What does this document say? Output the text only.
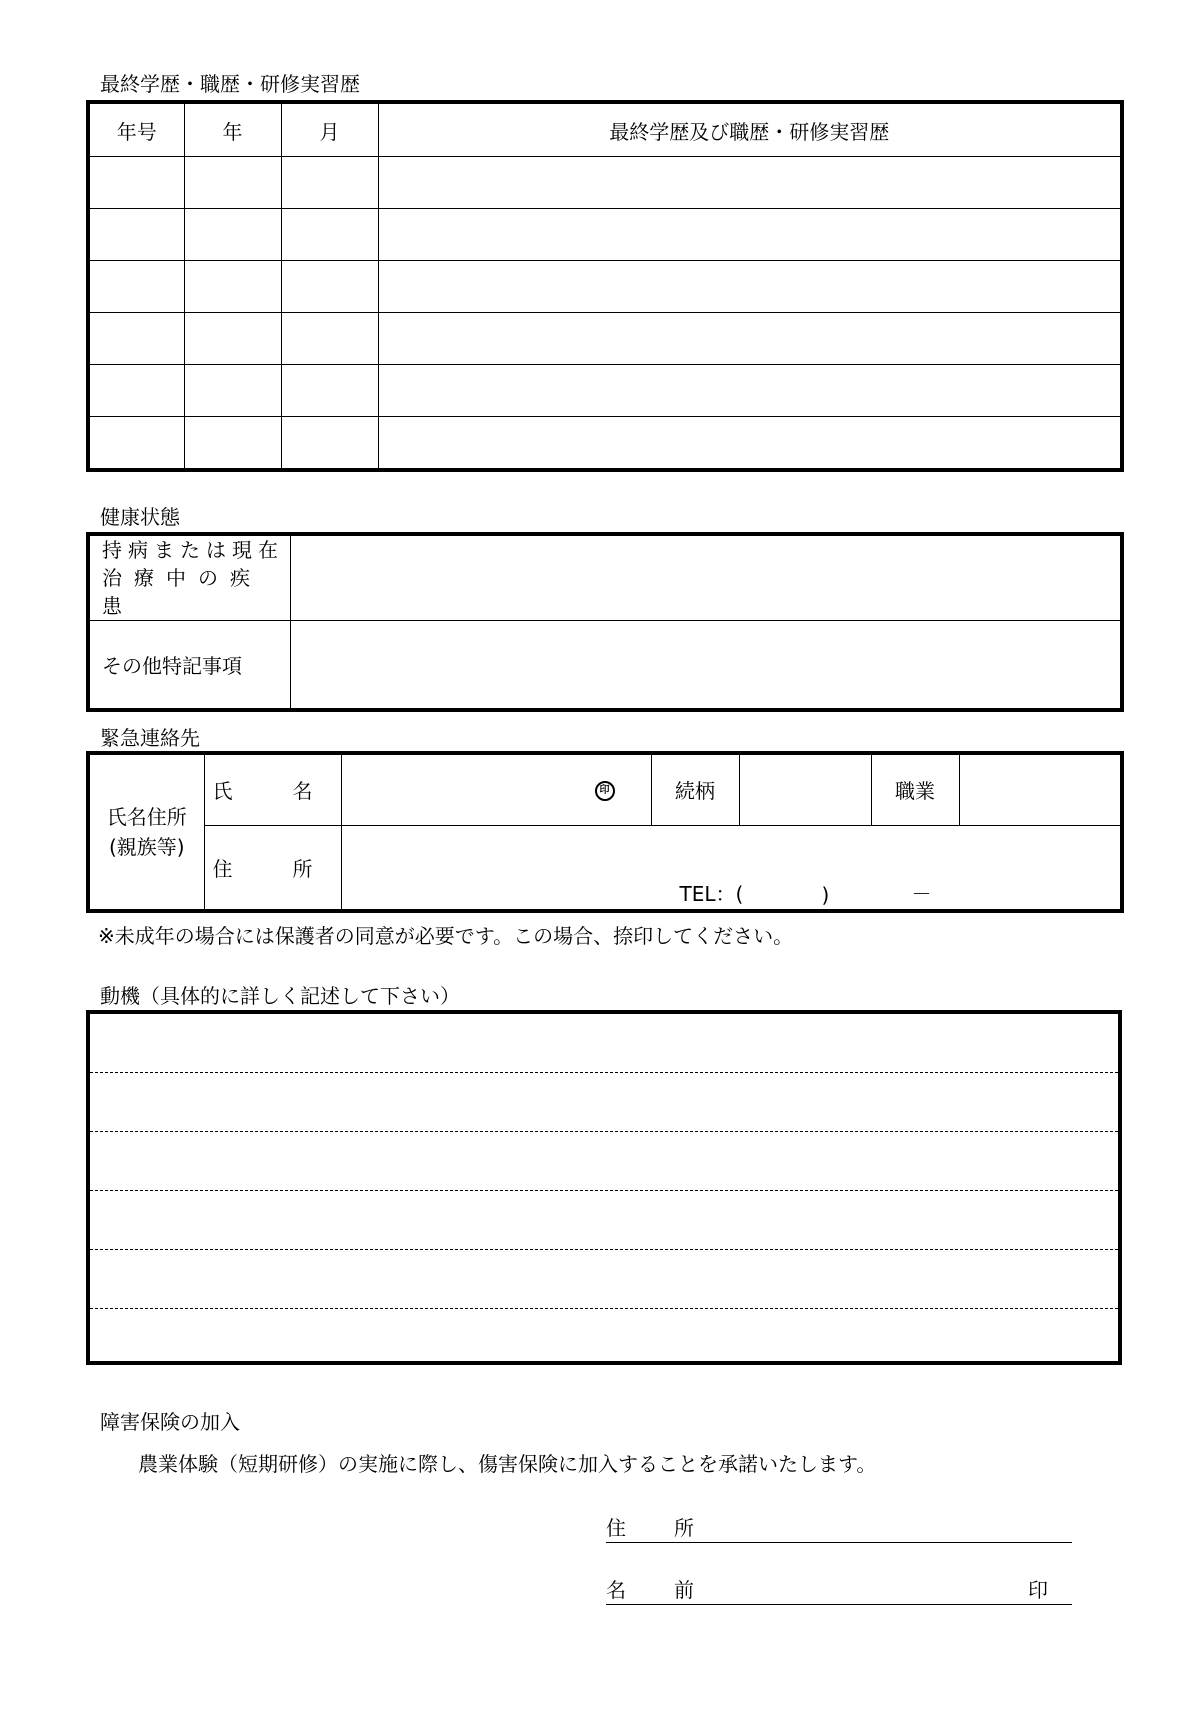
最終学歴・職歴・研修実習歴
年号	年	月	最終学歴及び職歴・研修実習歴

健康状態
持病または現在
治療中の疾患	

その他特記事項	
緊急連絡先
氏名住所
(親族等)	氏　名	印	続柄		職業	
	住　所	TEL：( ) －				
※未成年の場合には保護者の同意が必要です。この場合、捺印してください。
動機（具体的に詳しく記述して下さい）
障害保険の加入
農業体験（短期研修）の実施に際し、傷害保険に加入することを承諾いたします。
住　所
名　前	印
